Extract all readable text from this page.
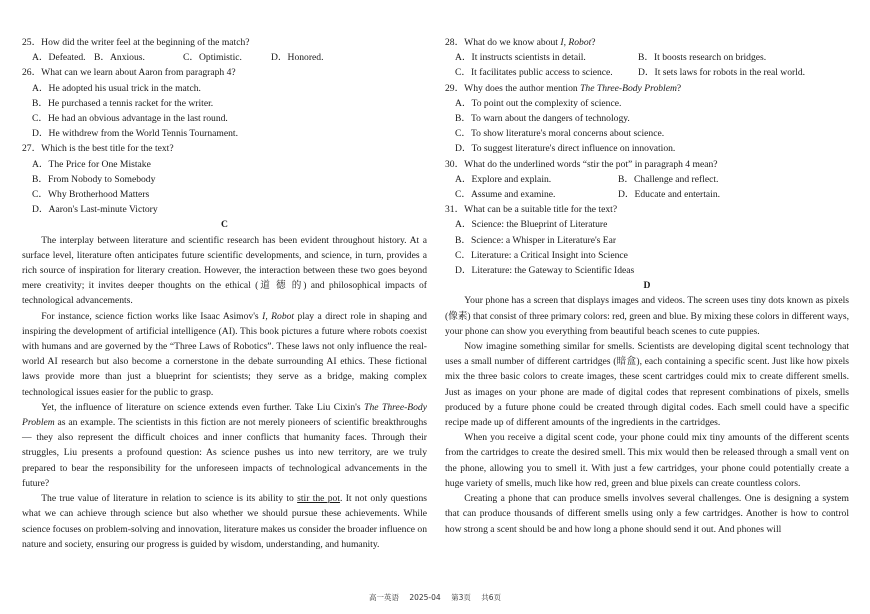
25．How did the writer feel at the beginning of the match?
A．Defeated. B．Anxious.	C．Optimistic.	D．Honored.
26．What can we learn about Aaron from paragraph 4?
A．He adopted his usual trick in the match.
B．He purchased a tennis racket for the writer.
C．He had an obvious advantage in the last round.
D．He withdrew from the World Tennis Tournament.
27．Which is the best title for the text?
A．The Price for One Mistake
B．From Nobody to Somebody
C．Why Brotherhood Matters
D．Aaron's Last-minute Victory
C

The interplay between literature and scientific research has been evident throughout history. At a surface level, literature often anticipates future scientific developments, and science, in turn, provides a rich source of inspiration for literary creation. However, the interaction between these two goes beyond mere creativity; it invites deeper thoughts on the ethical (道 德 的) and philosophical impacts of technological advancements.

For instance, science fiction works like Isaac Asimov's I, Robot play a direct role in shaping and inspiring the development of artificial intelligence (AI). This book pictures a future where robots coexist with humans and are governed by the “Three Laws of Robotics”. These laws not only influence the real-world AI research but also become a cornerstone in the debate surrounding AI ethics. These fictional laws provide more than just a blueprint for scientists; they serve as a bridge, making complex technological issues easier for the public to grasp.

Yet, the influence of literature on science extends even further. Take Liu Cixin's The Three-Body Problem as an example. The scientists in this fiction are not merely pioneers of scientific breakthroughs — they also represent the difficult choices and inner conflicts that humanity faces. Through their struggles, Liu presents a profound question: As science pushes us into new territory, are we truly prepared to bear the responsibility for the unforeseen impacts of technological advancements in the future?

The true value of literature in relation to science is its ability to stir the pot. It not only questions what we can achieve through science but also whether we should pursue these achievements. While science focuses on problem-solving and innovation, literature makes us consider the broader influence on nature and society, ensuring our progress is guided by wisdom, understanding, and humanity.

28．What do we know about I, Robot?
A．It instructs scientists in detail.	B．It boosts research on bridges.
C．It facilitates public access to science.	D．It sets laws for robots in the real world.
29．Why does the author mention The Three-Body Problem?
A．To point out the complexity of science.
B．To warn about the dangers of technology.
C．To show literature's moral concerns about science.
D．To suggest literature's direct influence on innovation.
30．What do the underlined words “stir the pot” in paragraph 4 mean?
A．Explore and explain.	B．Challenge and reflect.
C．Assume and examine.	D．Educate and entertain.
31．What can be a suitable title for the text?
A．Science: the Blueprint of Literature
B．Science: a Whisper in Literature's Ear
C．Literature: a Critical Insight into Science
D．Literature: the Gateway to Scientific Ideas
D

Your phone has a screen that displays images and videos. The screen uses tiny dots known as pixels (像素) that consist of three primary colors: red, green and blue. By mixing these colors in different ways, your phone can show you everything from beautiful beach scenes to cute puppies.

Now imagine something similar for smells. Scientists are developing digital scent technology that uses a small number of different cartridges (暗盒), each containing a specific scent. Just like how pixels mix the three basic colors to create images, these scent cartridges could mix to create different smells. Just as images on your phone are made of digital codes that represent combinations of pixels, smells produced by a future phone could be created through digital codes. Each smell could have a specific recipe made up of different amounts of the ingredients in the cartridges.

When you receive a digital scent code, your phone could mix tiny amounts of the different scents from the cartridges to create the desired smell. This mix would then be released through a small vent on the phone, allowing you to smell it. With just a few cartridges, your phone could potentially create a huge variety of smells, much like how red, green and blue pixels can create countless colors.

Creating a phone that can produce smells involves several challenges. One is designing a system that can produce thousands of different smells using only a few cartridges. Another is how to control how strong a scent should be and how long a phone should send it out. And phones will

高一英语 2025-04 第3页 共6页
